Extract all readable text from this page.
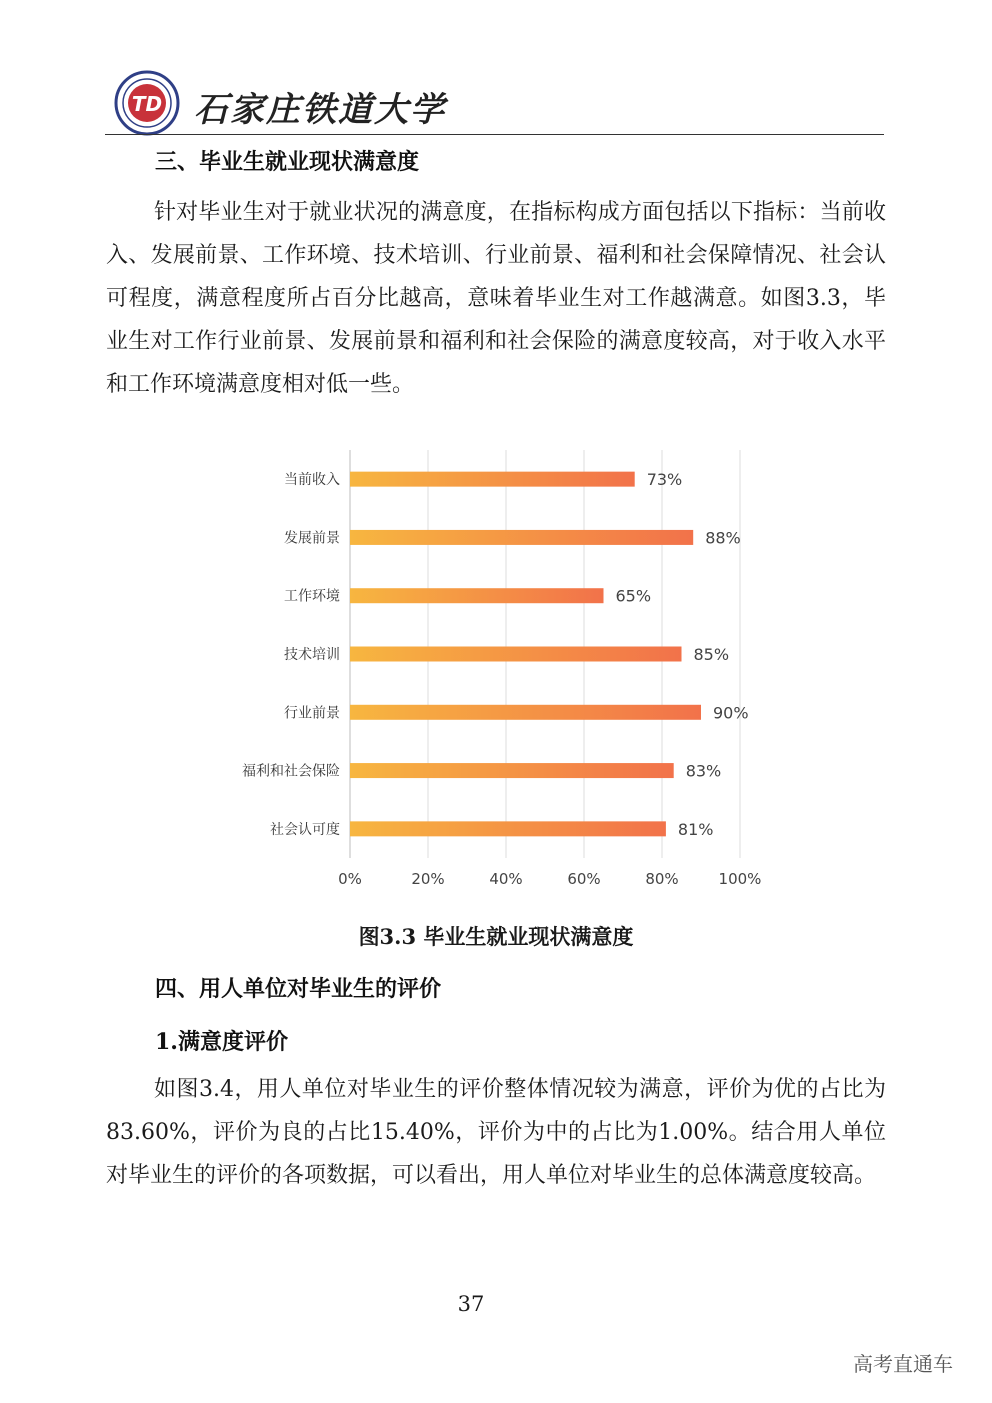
TD 石家庄铁道大学
三、毕业生就业现状满意度
针对毕业生对于就业状况的满意度，在指标构成方面包括以下指标：当前收入、发展前景、工作环境、技术培训、行业前景、福利和社会保障情况、社会认可程度，满意程度所占百分比越高，意味着毕业生对工作越满意。如图3.3，毕业生对工作行业前景、发展前景和福利和社会保险的满意度较高，对于收入水平和工作环境满意度相对低一些。
0%	20%	40%	60%	80%	100%
当前收入	73%
发展前景	88%
工作环境	65%
技术培训	85%
行业前景	90%
福利和社会保险	83%
社会认可度	81%
图3.3 毕业生就业现状满意度
四、用人单位对毕业生的评价
1.满意度评价
如图3.4，用人单位对毕业生的评价整体情况较为满意，评价为优的占比为83.60%，评价为良的占比15.40%，评价为中的占比为1.00%。结合用人单位对毕业生的评价的各项数据，可以看出，用人单位对毕业生的总体满意度较高。
37
高考直通车
